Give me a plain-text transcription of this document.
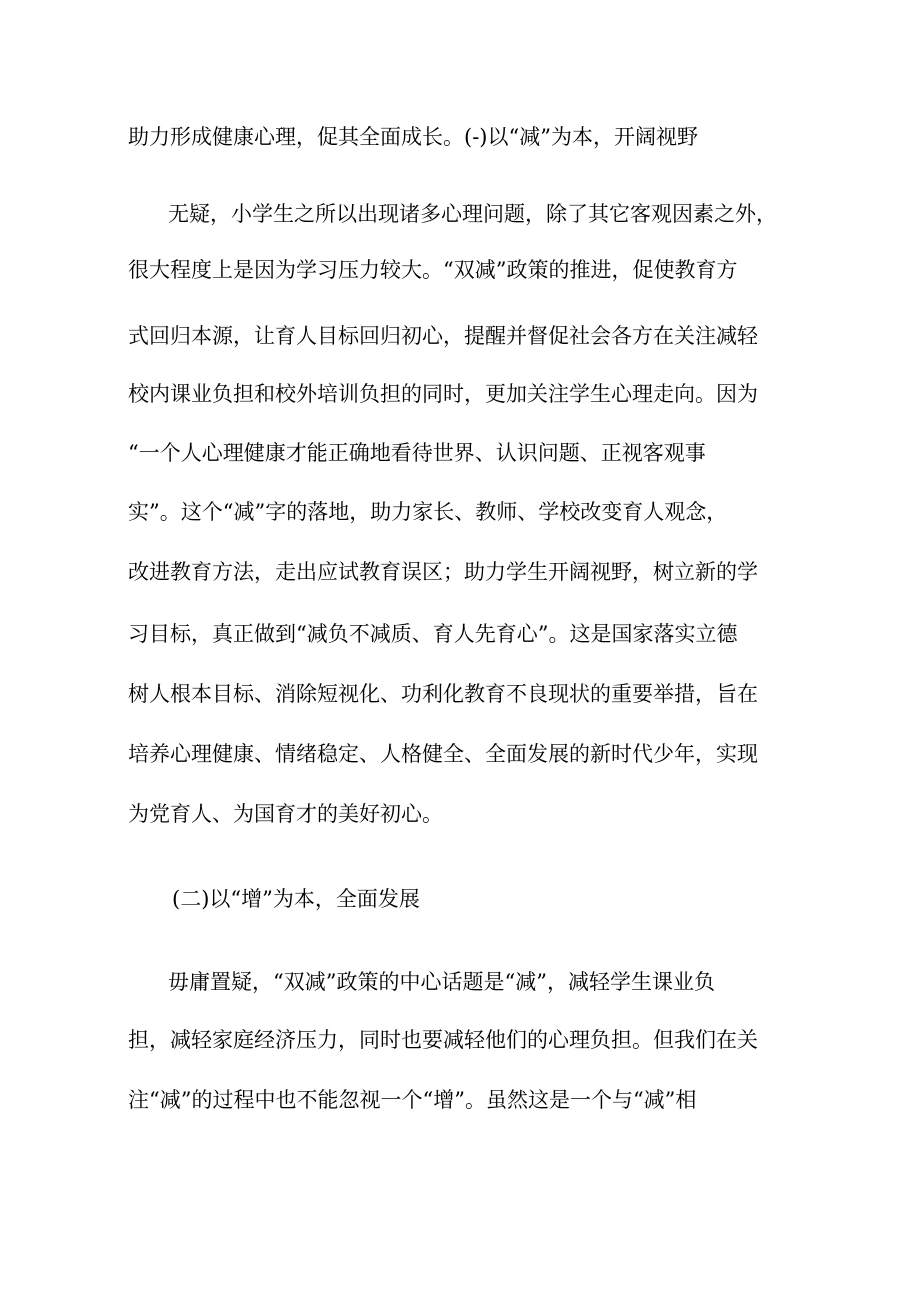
助力形成健康心理，促其全面成长。(-)以“减”为本，开阔视野
无疑，小学生之所以出现诸多心理问题，除了其它客观因素之外，
很大程度上是因为学习压力较大。“双减”政策的推进，促使教育方
式回归本源，让育人目标回归初心，提醒并督促社会各方在关注减轻
校内课业负担和校外培训负担的同时，更加关注学生心理走向。因为
“一个人心理健康才能正确地看待世界、认识问题、正视客观事
实”。这个“减”字的落地，助力家长、教师、学校改变育人观念，
改进教育方法，走出应试教育误区；助力学生开阔视野，树立新的学
习目标，真正做到“减负不减质、育人先育心”。这是国家落实立德
树人根本目标、消除短视化、功利化教育不良现状的重要举措，旨在
培养心理健康、情绪稳定、人格健全、全面发展的新时代少年，实现
为党育人、为国育才的美好初心。
(二)以“增”为本，全面发展
毋庸置疑，“双减”政策的中心话题是“减”，减轻学生课业负
担，减轻家庭经济压力，同时也要减轻他们的心理负担。但我们在关
注“减”的过程中也不能忽视一个“增”。虽然这是一个与“减”相
